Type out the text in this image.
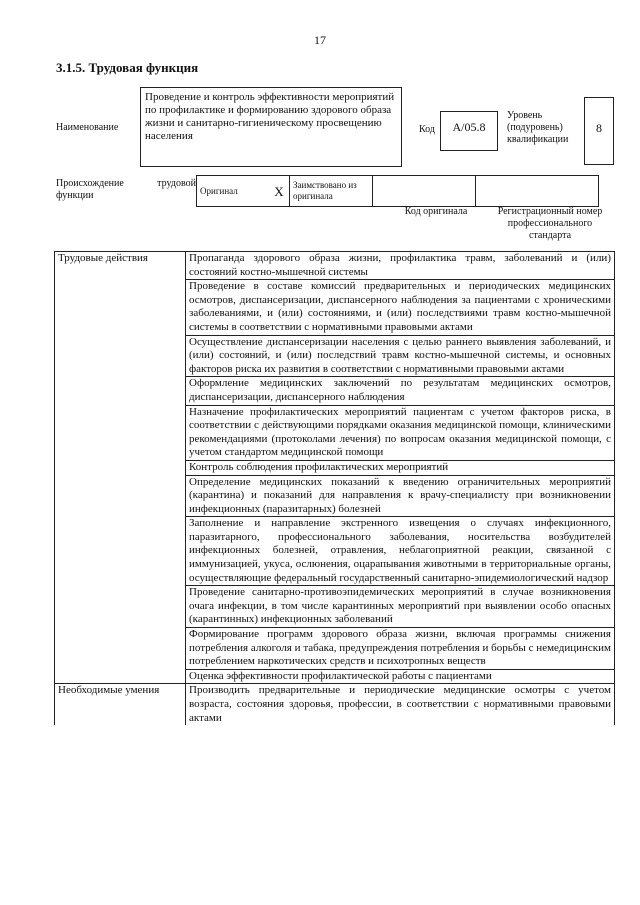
17
3.1.5. Трудовая функция
Наименование
Проведение и контроль эффективности мероприятий по профилактике и формированию здорового образа жизни и санитарно-гигиеническому просвещению населения
Код	А/05.8
Уровень (подуровень) квалификации
8
Происхождение трудовой функции	Оригинал	Х	Заимствовано из оригинала		
Код оригинала	Регистрационный номер профессионального стандарта
Трудовые действия	Пропаганда здорового образа жизни, профилактика травм, заболеваний и (или) состояний костно-мышечной системы
	Проведение в составе комиссий предварительных и периодических медицинских осмотров, диспансеризации, диспансерного наблюдения за пациентами с хроническими заболеваниями, и (или) состояниями, и (или) последствиями травм костно-мышечной системы в соответствии с нормативными правовыми актами
	Осуществление диспансеризации населения с целью раннего выявления заболеваний, и (или) состояний, и (или) последствий травм костно-мышечной системы, и основных факторов риска их развития в соответствии с нормативными правовыми актами
	Оформление медицинских заключений по результатам медицинских осмотров, диспансеризации, диспансерного наблюдения
	Назначение профилактических мероприятий пациентам с учетом факторов риска, в соответствии с действующими порядками оказания медицинской помощи, клиническими рекомендациями (протоколами лечения) по вопросам оказания медицинской помощи, с учетом стандартом медицинской помощи
	Контроль соблюдения профилактических мероприятий
	Определение медицинских показаний к введению ограничительных мероприятий (карантина) и показаний для направления к врачу-специалисту при возникновении инфекционных (паразитарных) болезней
	Заполнение и направление экстренного извещения о случаях инфекционного, паразитарного, профессионального заболевания, носительства возбудителей инфекционных болезней, отравления, неблагоприятной реакции, связанной с иммунизацией, укуса, ослюнения, оцарапывания животными в территориальные органы, осуществляющие федеральный государственный санитарно-эпидемиологический надзор
	Проведение санитарно-противоэпидемических мероприятий в случае возникновения очага инфекции, в том числе карантинных мероприятий при выявлении особо опасных (карантинных) инфекционных заболеваний
	Формирование программ здорового образа жизни, включая программы снижения потребления алкоголя и табака, предупреждения потребления и борьбы с немедицинским потреблением наркотических средств и психотропных веществ
	Оценка эффективности профилактической работы с пациентами
Необходимые умения	Производить предварительные и периодические медицинские осмотры с учетом возраста, состояния здоровья, профессии, в соответствии с нормативными правовыми актами
